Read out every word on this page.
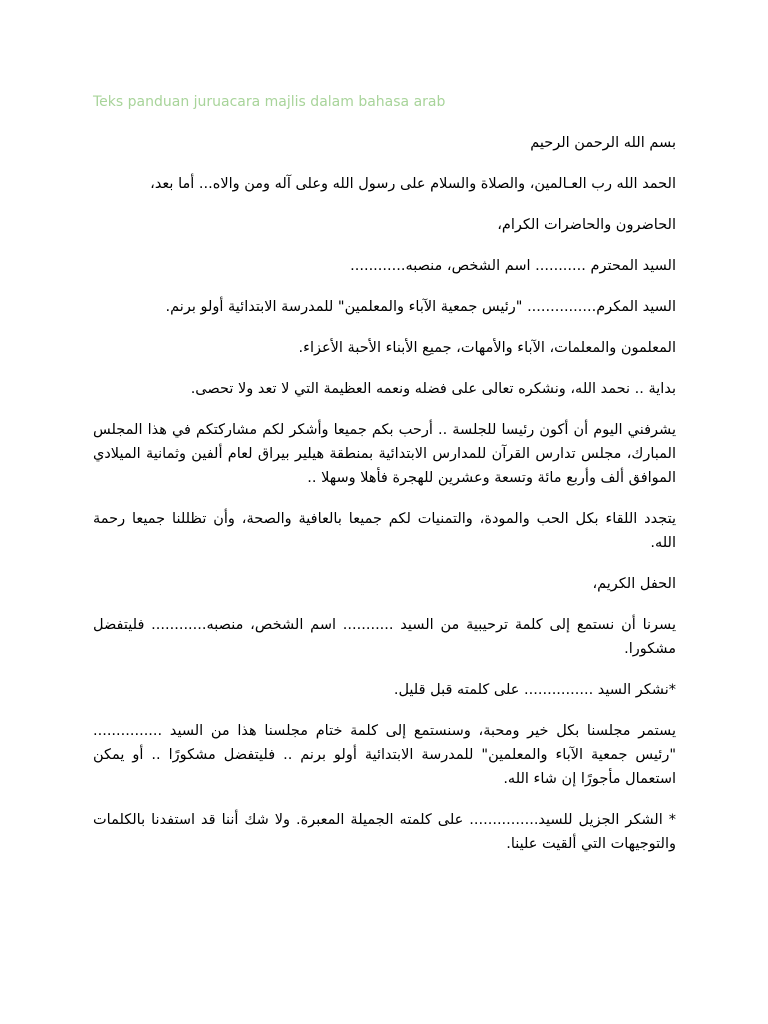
Teks panduan juruacara majlis dalam bahasa arab

بسم الله الرحمن الرحيم

الحمد الله رب العـالمين، والصلاة والسلام على رسول الله وعلى آله ومن والاه... أما بعد،

الحاضرون والحاضرات الكرام،

السيد المحترم ........... اسم الشخص، منصبه............

السيد المكرم............... "رئيس جمعية الآباء والمعلمين" للمدرسة الابتدائية أولو برنم.

المعلمون والمعلمات، الآباء والأمهات، جميع الأبناء الأحبة الأعزاء.

بداية .. نحمد الله، ونشكره تعالى على فضله ونعمه العظيمة التي لا تعد ولا تحصى.

يشرفني اليوم أن أكون رئيسا للجلسة .. أرحب بكم جميعا وأشكر لكم مشاركتكم في هذا المجلس المبارك، مجلس تدارس القرآن للمدارس الابتدائية بمنطقة هيلير بيراق لعام ألفين وثمانية الميلادي الموافق ألف وأربع مائة وتسعة وعشرين للهجرة فأهلا وسهلا ..

يتجدد اللقاء بكل الحب والمودة، والتمنيات لكم جميعا بالعافية والصحة، وأن تظللنا جميعا رحمة الله.

الحفل الكريم،

يسرنا أن نستمع إلى كلمة ترحيبية من السيد ........... اسم الشخص، منصبه............ فليتفضل مشكورا.

*نشكر السيد ............... على كلمته قبل قليل.

يستمر مجلسنا بكل خير ومحبة، وسنستمع إلى كلمة ختام مجلسنا هذا من السيد ............... "رئيس جمعية الآباء والمعلمين" للمدرسة الابتدائية أولو برنم .. فليتفضل مشكورًا .. أو يمكن استعمال مأجورًا إن شاء الله.

* الشكر الجزيل للسيد............... على كلمته الجميلة المعبرة. ولا شك أننا قد استفدنا بالكلمات والتوجيهات التي ألقيت علينا.
